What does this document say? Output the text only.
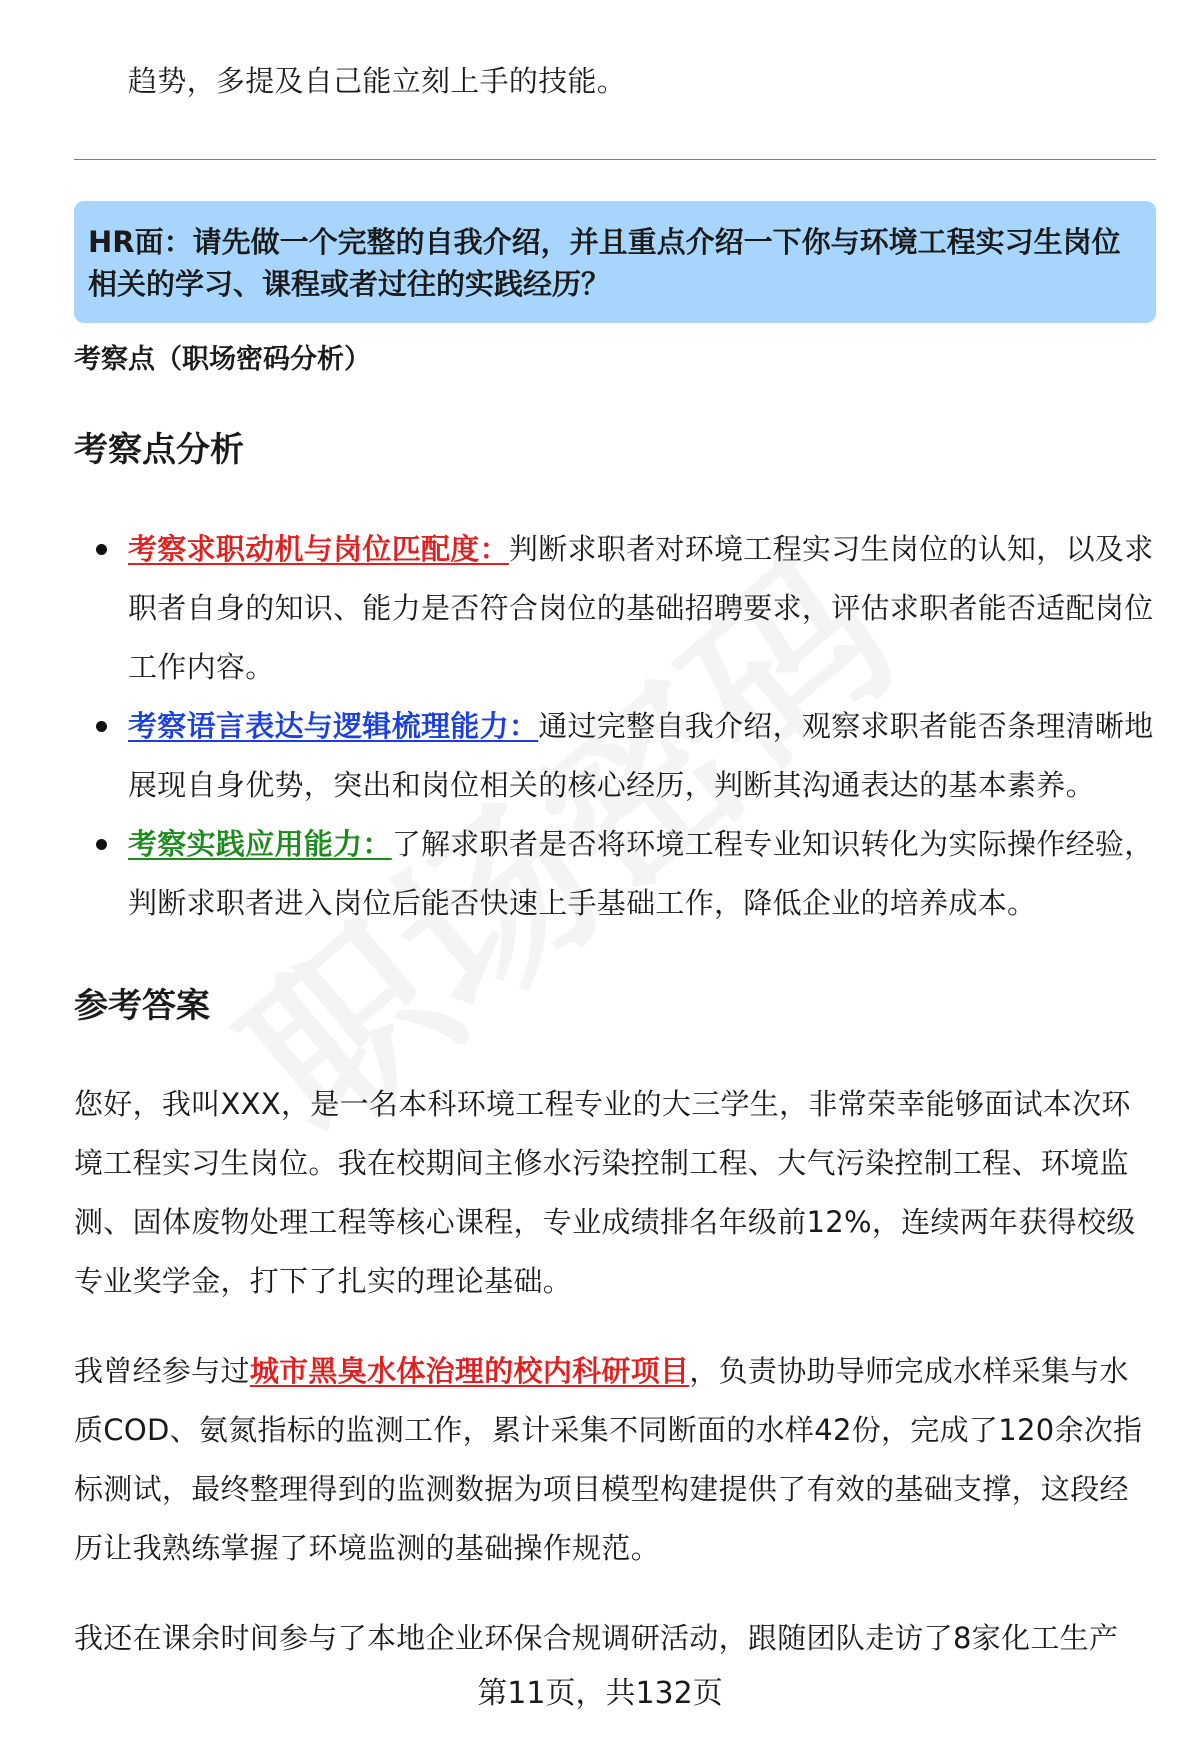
趋势，多提及自己能立刻上手的技能。
HR面：请先做一个完整的自我介绍，并且重点介绍一下你与环境工程实习生岗位相关的学习、课程或者过往的实践经历？
考察点（职场密码分析）
考察点分析
考察求职动机与岗位匹配度：判断求职者对环境工程实习生岗位的认知，以及求职者自身的知识、能力是否符合岗位的基础招聘要求，评估求职者能否适配岗位工作内容。
考察语言表达与逻辑梳理能力：通过完整自我介绍，观察求职者能否条理清晰地展现自身优势，突出和岗位相关的核心经历，判断其沟通表达的基本素养。
考察实践应用能力：了解求职者是否将环境工程专业知识转化为实际操作经验，判断求职者进入岗位后能否快速上手基础工作，降低企业的培养成本。
参考答案
您好，我叫XXX，是一名本科环境工程专业的大三学生，非常荣幸能够面试本次环境工程实习生岗位。我在校期间主修水污染控制工程、大气污染控制工程、环境监测、固体废物处理工程等核心课程，专业成绩排名年级前12%，连续两年获得校级专业奖学金，打下了扎实的理论基础。
我曾经参与过城市黑臭水体治理的校内科研项目，负责协助导师完成水样采集与水质COD、氨氮指标的监测工作，累计采集不同断面的水样42份，完成了120余次指标测试，最终整理得到的监测数据为项目模型构建提供了有效的基础支撑，这段经历让我熟练掌握了环境监测的基础操作规范。
我还在课余时间参与了本地企业环保合规调研活动，跟随团队走访了8家化工生产
第11页，共132页
